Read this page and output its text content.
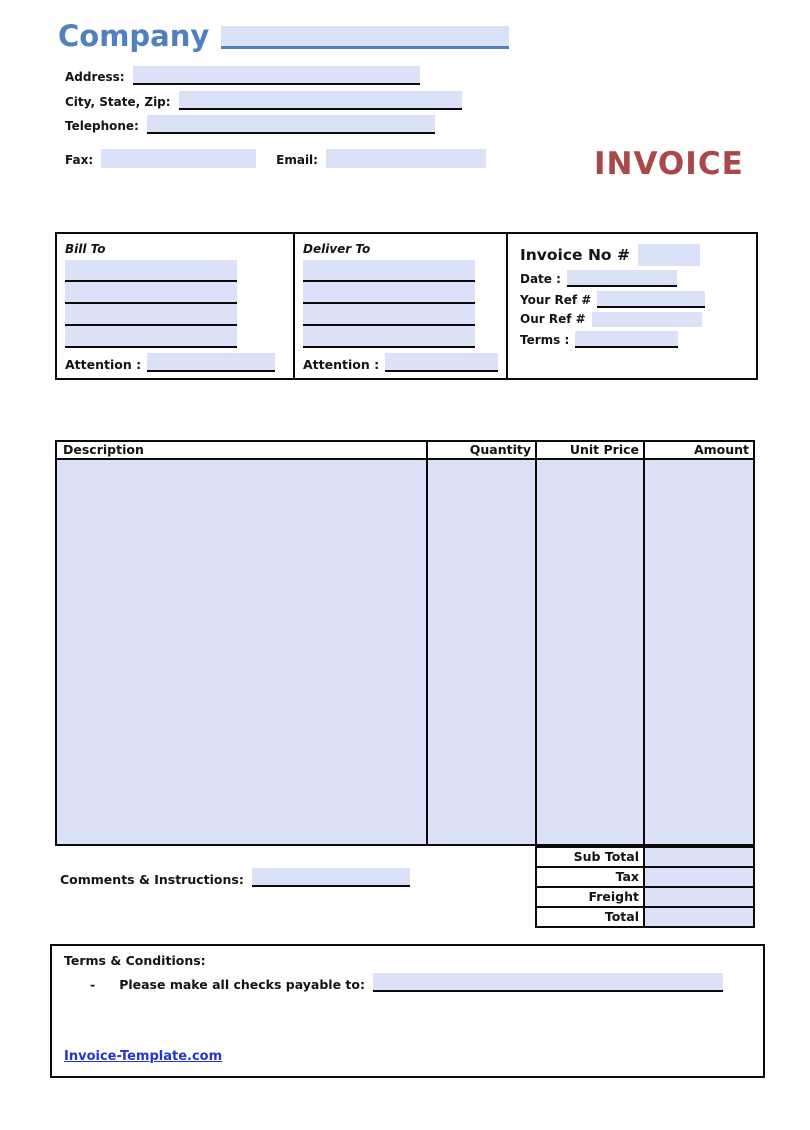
Company
Address:
City, State, Zip:
Telephone:
Fax:	Email:	INVOICE
Bill To
Attention :
Deliver To
Attention :
Invoice No #
Date :
Your Ref #
Our Ref #
Terms :
Description	Quantity	Unit Price	Amount
Sub Total
Tax
Freight
Total
Comments & Instructions:
Terms & Conditions:
- Please make all checks payable to:
Invoice-Template.com
